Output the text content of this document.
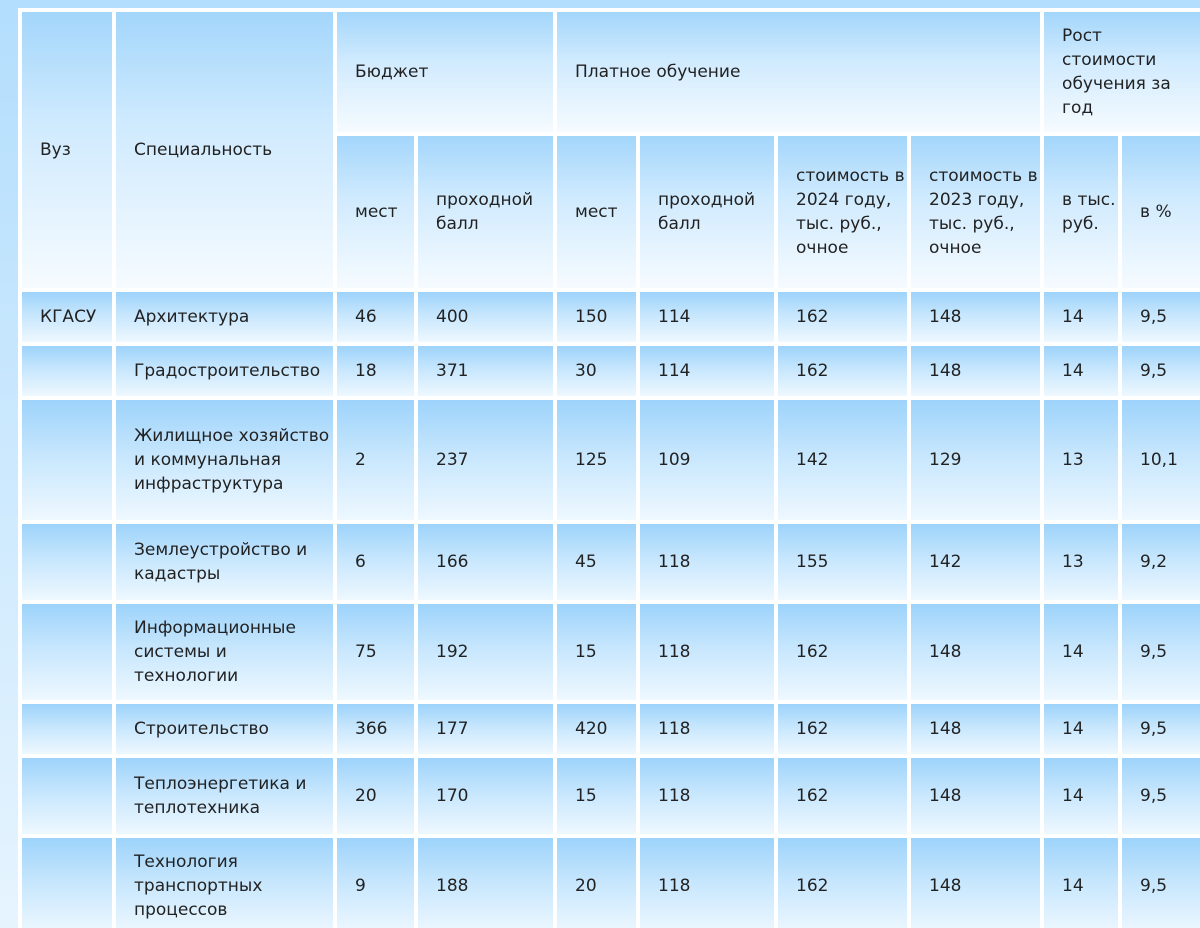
Вуз	Специальность	Бюджет		Платное обучение				Рост стоимости обучения за год	
		мест	проходной балл	мест	проходной балл	стоимость в 2024 году, тыс. руб., очное	стоимость в 2023 году, тыс. руб., очное	в тыс. руб.	в %
КГАСУ	Архитектура	46	400	150	114	162	148	14	9,5
	Градостроительство	18	371	30	114	162	148	14	9,5
	Жилищное хозяйство и коммунальная инфраструктура	2	237	125	109	142	129	13	10,1
	Землеустройство и кадастры	6	166	45	118	155	142	13	9,2
	Информационные системы и технологии	75	192	15	118	162	148	14	9,5
	Строительство	366	177	420	118	162	148	14	9,5
	Теплоэнергетика и теплотехника	20	170	15	118	162	148	14	9,5
	Технология транспортных процессов	9	188	20	118	162	148	14	9,5
